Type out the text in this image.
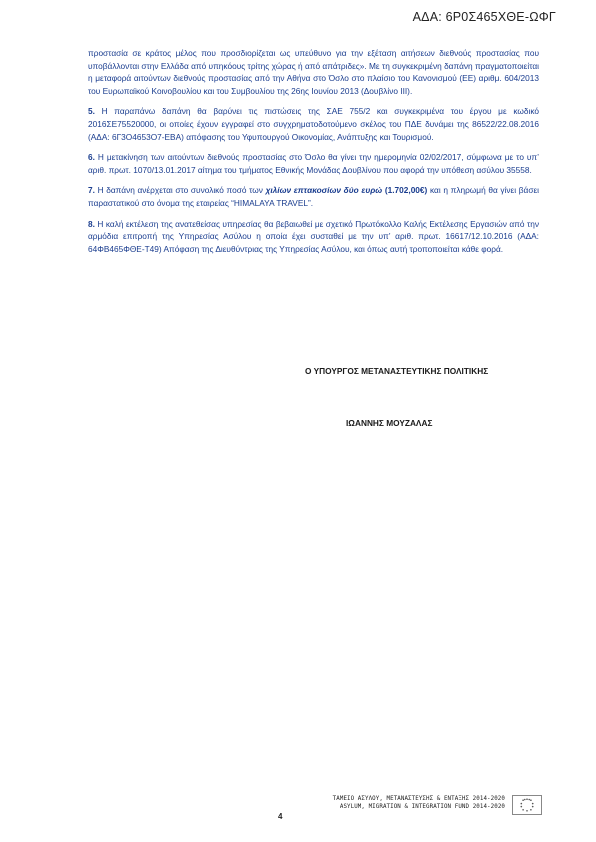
ΑΔΑ: 6Ρ0Σ465ΧΘΕ-ΩΦΓ

προστασία σε κράτος μέλος που προσδιορίζεται ως υπεύθυνο για την εξέταση αιτήσεων διεθνούς προστασίας που υποβάλλονται στην Ελλάδα από υπηκόους τρίτης χώρας ή από απάτριδες». Με τη συγκεκριμένη δαπάνη πραγματοποιείται η μεταφορά αιτούντων διεθνούς προστασίας από την Αθήνα στο Όσλο στο πλαίσιο του Κανονισμού (ΕΕ) αριθμ. 604/2013 του Ευρωπαϊκού Κοινοβουλίου και του Συμβουλίου της 26ης Ιουνίου 2013 (Δουβλίνο ΙΙΙ).

5. Η παραπάνω δαπάνη θα βαρύνει τις πιστώσεις της ΣΑΕ 755/2 και συγκεκριμένα του έργου με κωδικό 2016ΣΕ75520000, οι οποίες έχουν εγγραφεί στο συγχρηματοδοτούμενο σκέλος του ΠΔΕ δυνάμει της 86522/22.08.2016 (ΑΔΑ: 6Γ3Ο4653Ο7-ΕΒΑ) απόφασης του Υφυπουργού Οικονομίας, Ανάπτυξης και Τουρισμού.

6. Η μετακίνηση των αιτούντων διεθνούς προστασίας στο Όσλο θα γίνει την ημερομηνία 02/02/2017, σύμφωνα με το υπ’ αριθ. πρωτ. 1070/13.01.2017 αίτημα του τμήματος Εθνικής Μονάδας Δουβλίνου που αφορά την υπόθεση ασύλου 35558.

7. Η δαπάνη ανέρχεται στο συνολικό ποσό των χιλίων επτακοσίων δύο ευρώ (1.702,00€) και η πληρωμή θα γίνει βάσει παραστατικού στο όνομα της εταιρείας “HIMALAYA TRAVEL”.

8. Η καλή εκτέλεση της ανατεθείσας υπηρεσίας θα βεβαιωθεί με σχετικό Πρωτόκολλο Καλής Εκτέλεσης Εργασιών από την αρμόδια επιτροπή της Υπηρεσίας Ασύλου η οποία έχει συσταθεί με την υπ’ αριθ. πρωτ. 16617/12.10.2016 (ΑΔΑ: 64ΦΒ465ΦΘΕ-Τ49) Απόφαση της Διευθύντριας της Υπηρεσίας Ασύλου, και όπως αυτή τροποποιείται κάθε φορά.

Ο ΥΠΟΥΡΓΟΣ ΜΕΤΑΝΑΣΤΕΥΤΙΚΗΣ ΠΟΛΙΤΙΚΗΣ
ΙΩΑΝΝΗΣ ΜΟΥΖΑΛΑΣ
ΤΑΜΕΙΟ ΑΣΥΛΟΥ, ΜΕΤΑΝΑΣΤΕΥΣΗΣ & ΕΝΤΑΞΗΣ 2014-2020
ASYLUM, MIGRATION & INTEGRATION FUND 2014-2020
4
